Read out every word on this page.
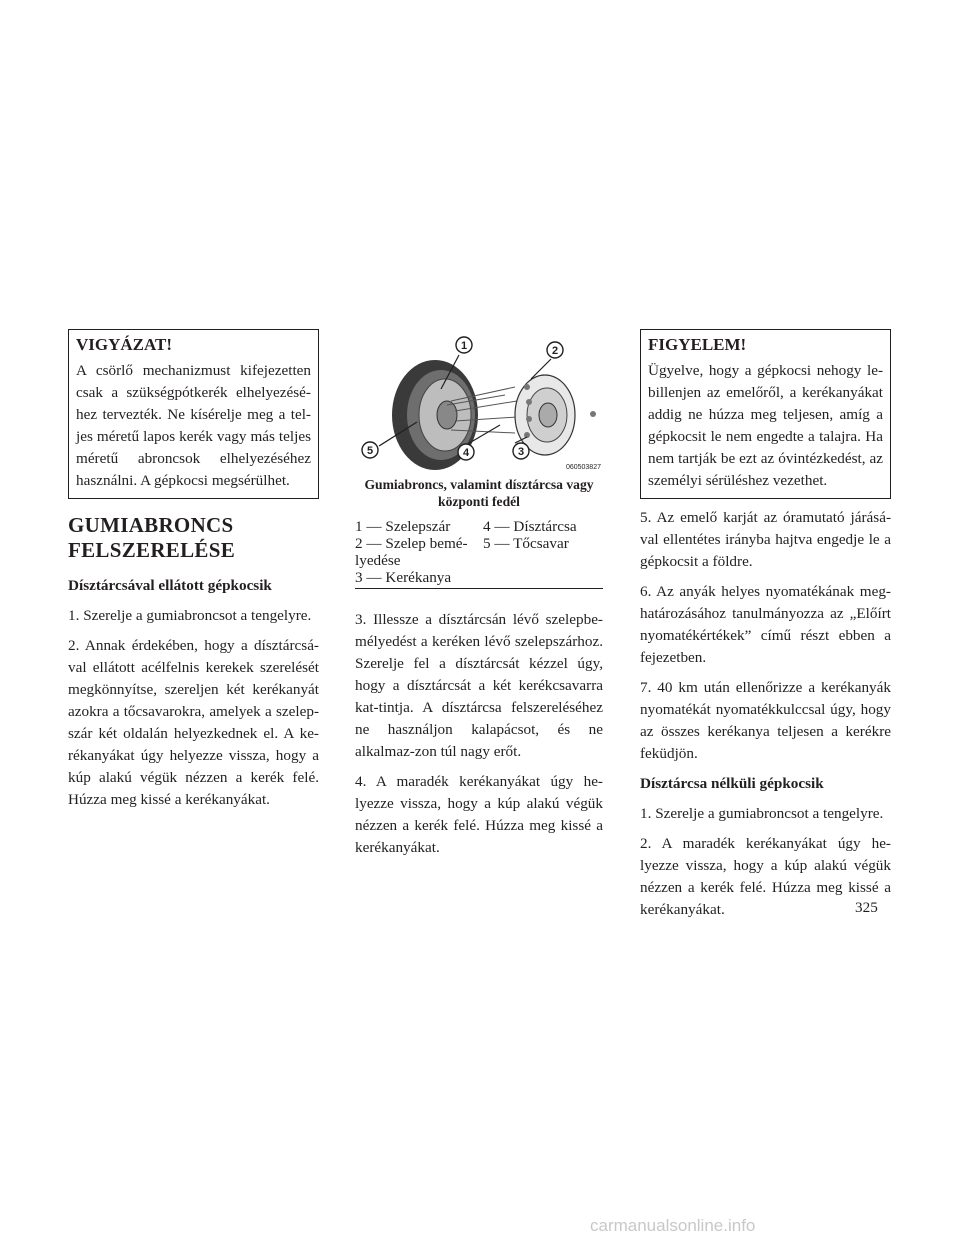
VIGYÁZAT!

A csörlő mechanizmust kifejezetten csak a szükségpótkerék elhelyezésé-hez tervezték. Ne kísérelje meg a tel-jes méretű lapos kerék vagy más teljes méretű abroncsok elhelyezéséhez használni. A gépkocsi megsérülhet.

GUMIABRONCS
FELSZERELÉSE
Dísztárcsával ellátott gépkocsik

1. Szerelje a gumiabroncsot a tengelyre.

2. Annak érdekében, hogy a dísztárcsá-val ellátott acélfelnis kerekek szerelését megkönnyítse, szereljen két kerékanyát azokra a tőcsavarokra, amelyek a szelep-szár két oldalán helyezkednek el. A ke-rékanyákat úgy helyezze vissza, hogy a kúp alakú végük nézzen a kerék felé. Húzza meg kissé a kerékanyákat.

1	2
3
4
5
060503827
Gumiabroncs, valamint dísztárcsa vagy
központi fedél
1 — Szelepszár
2 — Szelep bemé-
lyedése
3 — Kerékanya
4 — Dísztárcsa
5 — Tőcsavar

3. Illessze a dísztárcsán lévő szelepbe-mélyedést a keréken lévő szelepszárhoz. Szerelje fel a dísztárcsát kézzel úgy, hogy a dísztárcsát a két kerékcsavarra kat-tintja. A dísztárcsa felszereléséhez ne használjon kalapácsot, és ne alkalmaz-zon túl nagy erőt.

4. A maradék kerékanyákat úgy he-lyezze vissza, hogy a kúp alakú végük nézzen a kerék felé. Húzza meg kissé a kerékanyákat.

FIGYELEM!

Ügyelve, hogy a gépkocsi nehogy le-billenjen az emelőről, a kerékanyákat addig ne húzza meg teljesen, amíg a gépkocsit le nem engedte a talajra. Ha nem tartják be ezt az óvintézkedést, az személyi sérüléshez vezethet.

5. Az emelő karját az óramutató járásá-val ellentétes irányba hajtva engedje le a gépkocsit a földre.

6. Az anyák helyes nyomatékának meg-határozásához tanulmányozza az „Előírt nyomatékértékek” című részt ebben a fejezetben.

7. 40 km után ellenőrizze a kerékanyák nyomatékát nyomatékkulccsal úgy, hogy az összes kerékanya teljesen a kerékre feküdjön.

Dísztárcsa nélküli gépkocsik

1. Szerelje a gumiabroncsot a tengelyre.

2. A maradék kerékanyákat úgy he-lyezze vissza, hogy a kúp alakú végük nézzen a kerék felé. Húzza meg kissé a kerékanyákat.	325
carmanualsonline.info
